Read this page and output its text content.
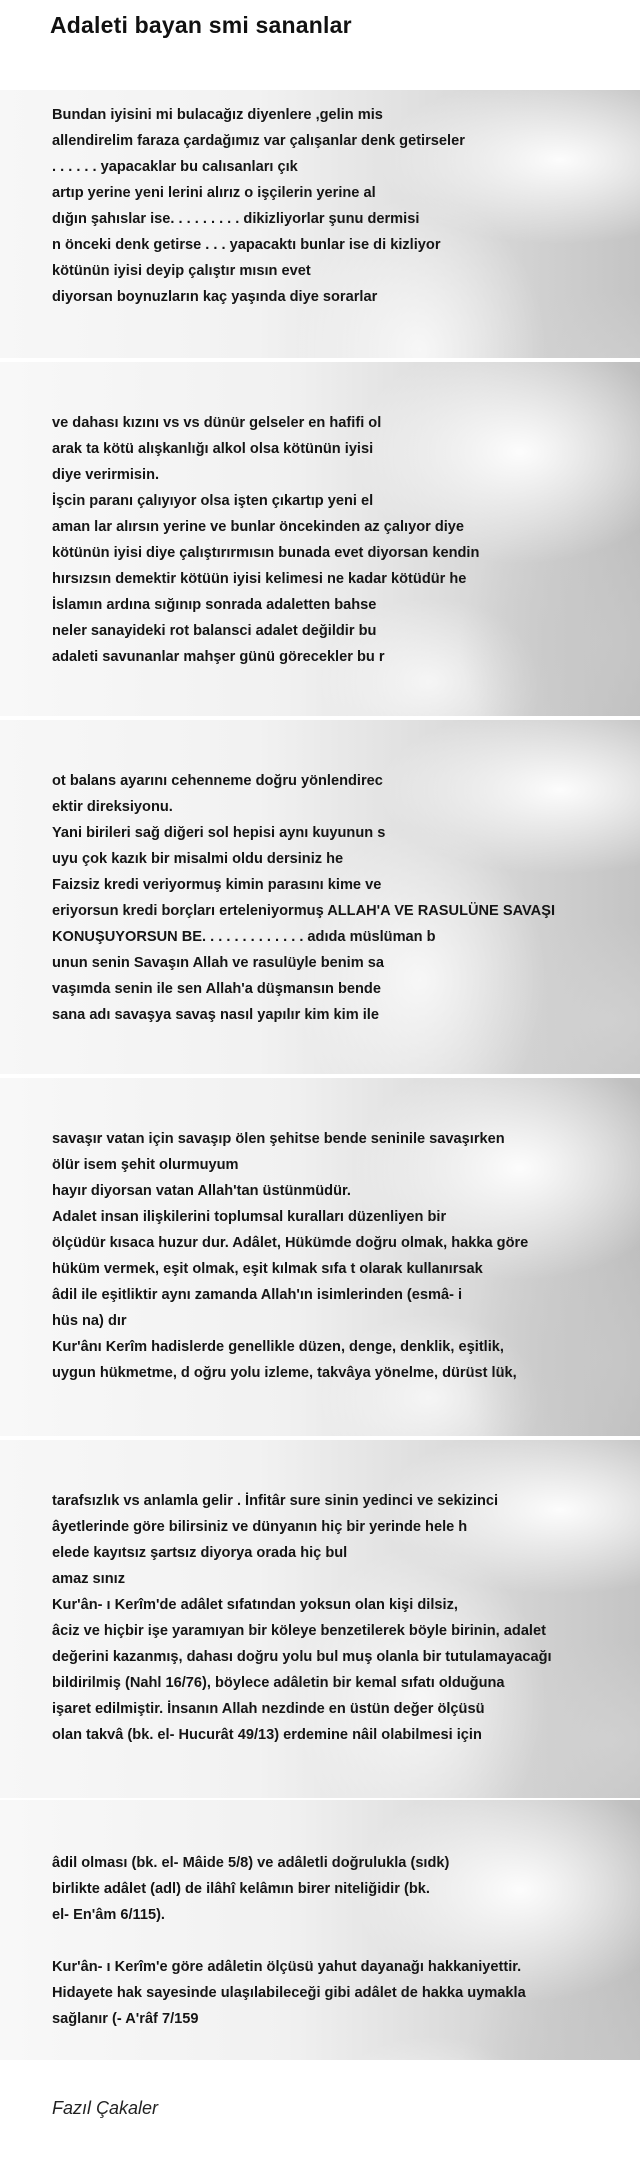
Adaleti bayan smi sananlar
Bundan iyisini mi bulacağız diyenlere ,gelin mis
allendirelim faraza çardağımız var çalışanlar denk getirseler
. . . . . . yapacaklar bu calısanları çık
artıp yerine yeni lerini alırız o işçilerin yerine al
dığın şahıslar ise. . . . . . . . . dikizliyorlar şunu dermisi
n önceki denk getirse . . . yapacaktı bunlar ise di kizliyor
kötünün iyisi deyip çalıştır mısın evet
diyorsan boynuzların kaç yaşında diye sorarlar
ve dahası kızını vs vs dünür gelseler en hafifi ol
arak ta kötü alışkanlığı alkol olsa kötünün iyisi
diye verirmisin.
İşcin paranı çalıyıyor olsa işten çıkartıp yeni el
aman lar alırsın yerine ve bunlar öncekinden az çalıyor diye
kötünün iyisi diye çalıştırırmısın bunada evet diyorsan kendin
hırsızsın demektir kötüün iyisi kelimesi ne kadar kötüdür he
İslamın ardına sığınıp sonrada adaletten bahse
neler sanayideki rot balansci adalet değildir bu
adaleti savunanlar mahşer günü görecekler bu r
ot balans ayarını cehenneme doğru yönlendirec
ektir direksiyonu.
Yani birileri sağ diğeri sol hepisi aynı kuyunun s
uyu çok kazık bir misalmi oldu dersiniz he
Faizsiz kredi veriyormuş kimin parasını kime ve
eriyorsun kredi borçları erteleniyormuş ALLAH'A VE RASULÜNE SAVAŞI
KONUŞUYORSUN BE. . . . . . . . . . . . . adıda müslüman b
unun senin Savaşın Allah ve rasulüyle benim sa
vaşımda senin ile sen Allah'a düşmansın bende
sana adı savaşya savaş nasıl yapılır kim kim ile
savaşır vatan için savaşıp ölen şehitse bende seninile savaşırken
ölür isem şehit olurmuyum
hayır diyorsan vatan Allah'tan üstünmüdür.
Adalet insan ilişkilerini toplumsal kuralları düzenliyen bir
ölçüdür kısaca huzur dur. Adâlet, Hükümde doğru olmak, hakka göre
hüküm vermek, eşit olmak, eşit kılmak sıfa t olarak kullanırsak
âdil ile eşitliktir aynı zamanda Allah'ın isimlerinden (esmâ- i
hüs na) dır
Kur'ânı Kerîm hadislerde genellikle düzen, denge, denklik, eşitlik,
uygun hükmetme, d oğru yolu izleme, takvâya yönelme, dürüst lük,
tarafsızlık vs anlamla gelir . İnfitâr sure sinin yedinci ve sekizinci
âyetlerinde göre bilirsiniz ve dünyanın hiç bir yerinde hele h
elede kayıtsız şartsız diyorya orada hiç bul
amaz sınız
Kur'ân- ı Kerîm'de adâlet sıfatından yoksun olan kişi dilsiz,
âciz ve hiçbir işe yaramıyan bir köleye benzetilerek böyle birinin, adalet
değerini kazanmış, dahası doğru yolu bul muş olanla bir tutulamayacağı
bildirilmiş (Nahl 16/76), böylece adâletin bir kemal sıfatı olduğuna
işaret edilmiştir. İnsanın Allah nezdinde en üstün değer ölçüsü
olan takvâ (bk. el- Hucurât 49/13) erdemine nâil olabilmesi için
âdil olması (bk. el- Mâide 5/8) ve adâletli doğrulukla (sıdk)
birlikte adâlet (adl) de ilâhî kelâmın birer niteliğidir (bk.
el- En'âm 6/115).
Kur'ân- ı Kerîm'e göre adâletin ölçüsü yahut dayanağı hakkaniyettir.
Hidayete hak sayesinde ulaşılabileceği gibi adâlet de hakka uymakla
sağlanır (- A'râf 7/159
Fazıl Çakaler
